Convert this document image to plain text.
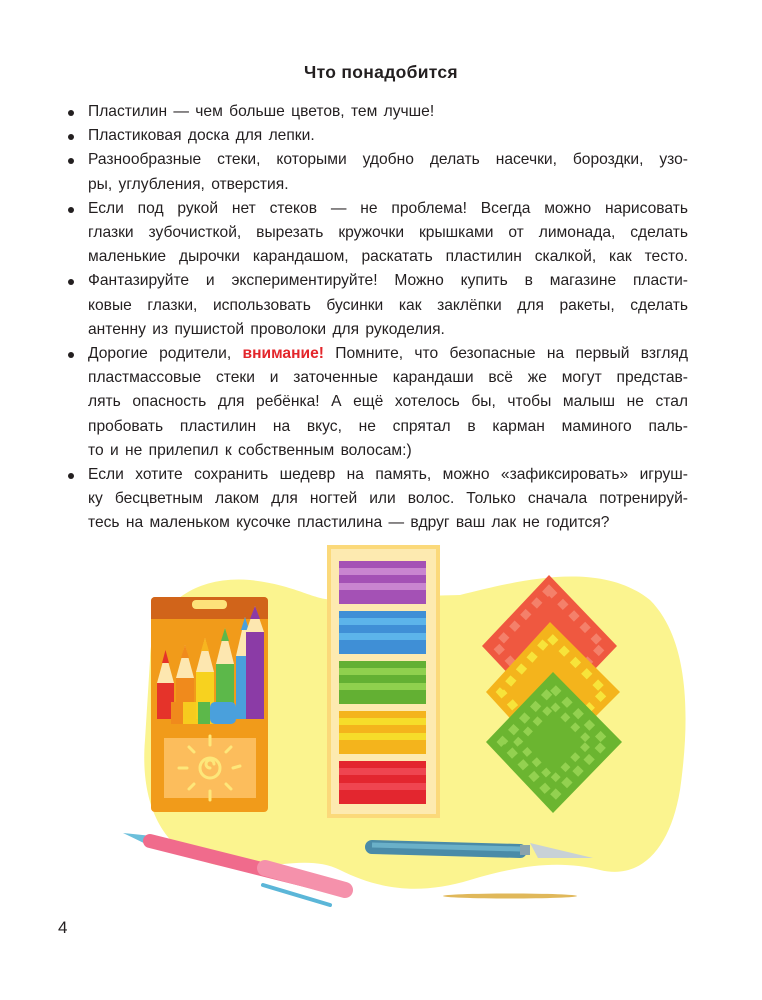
Что понадобится
Пластилин — чем больше цветов, тем лучше!
Пластиковая доска для лепки.
Разнообразные стеки, которыми удобно делать насечки, бороздки, узо-
ры, углубления, отверстия.
Если под рукой нет стеков — не проблема! Всегда можно нарисовать
глазки зубочисткой, вырезать кружочки крышками от лимонада, сделать
маленькие дырочки карандашом, раскатать пластилин скалкой, как тесто.
Фантазируйте и экспериментируйте! Можно купить в магазине пласти-
ковые глазки, использовать бусинки как заклёпки для ракеты, сделать
антенну из пушистой проволоки для рукоделия.
Дорогие родители, внимание! Помните, что безопасные на первый взгляд
пластмассовые стеки и заточенные карандаши всё же могут представ-
лять опасность для ребёнка! А ещё хотелось бы, чтобы малыш не стал
пробовать пластилин на вкус, не спрятал в карман маминого паль-
то и не прилепил к собственным волосам:)
Если хотите сохранить шедевр на память, можно «зафиксировать» игруш-
ку бесцветным лаком для ногтей или волос. Только сначала потренируй-
тесь на маленьком кусочке пластилина — вдруг ваш лак не годится?
4
